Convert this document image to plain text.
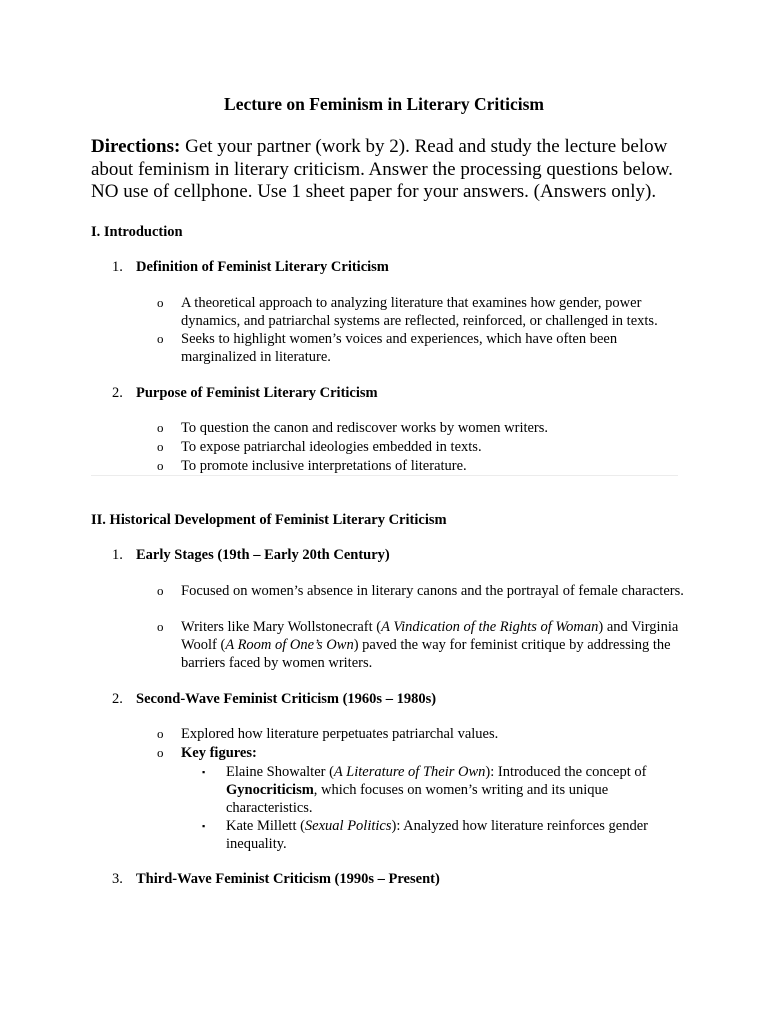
Lecture on Feminism in Literary Criticism
Directions: Get your partner (work by 2). Read and study the lecture below about feminism in literary criticism. Answer the processing questions below. NO use of cellphone. Use 1 sheet paper for your answers. (Answers only).
I. Introduction
1. Definition of Feminist Literary Criticism
o A theoretical approach to analyzing literature that examines how gender, power dynamics, and patriarchal systems are reflected, reinforced, or challenged in texts.
o Seeks to highlight women’s voices and experiences, which have often been marginalized in literature.
2. Purpose of Feminist Literary Criticism
o To question the canon and rediscover works by women writers.
o To expose patriarchal ideologies embedded in texts.
o To promote inclusive interpretations of literature.
II. Historical Development of Feminist Literary Criticism
1. Early Stages (19th – Early 20th Century)
o Focused on women’s absence in literary canons and the portrayal of female characters.
o Writers like Mary Wollstonecraft (A Vindication of the Rights of Woman) and Virginia Woolf (A Room of One’s Own) paved the way for feminist critique by addressing the barriers faced by women writers.
2. Second-Wave Feminist Criticism (1960s – 1980s)
o Explored how literature perpetuates patriarchal values.
o Key figures:
▪ Elaine Showalter (A Literature of Their Own): Introduced the concept of Gynocriticism, which focuses on women’s writing and its unique characteristics.
▪ Kate Millett (Sexual Politics): Analyzed how literature reinforces gender inequality.
3. Third-Wave Feminist Criticism (1990s – Present)
